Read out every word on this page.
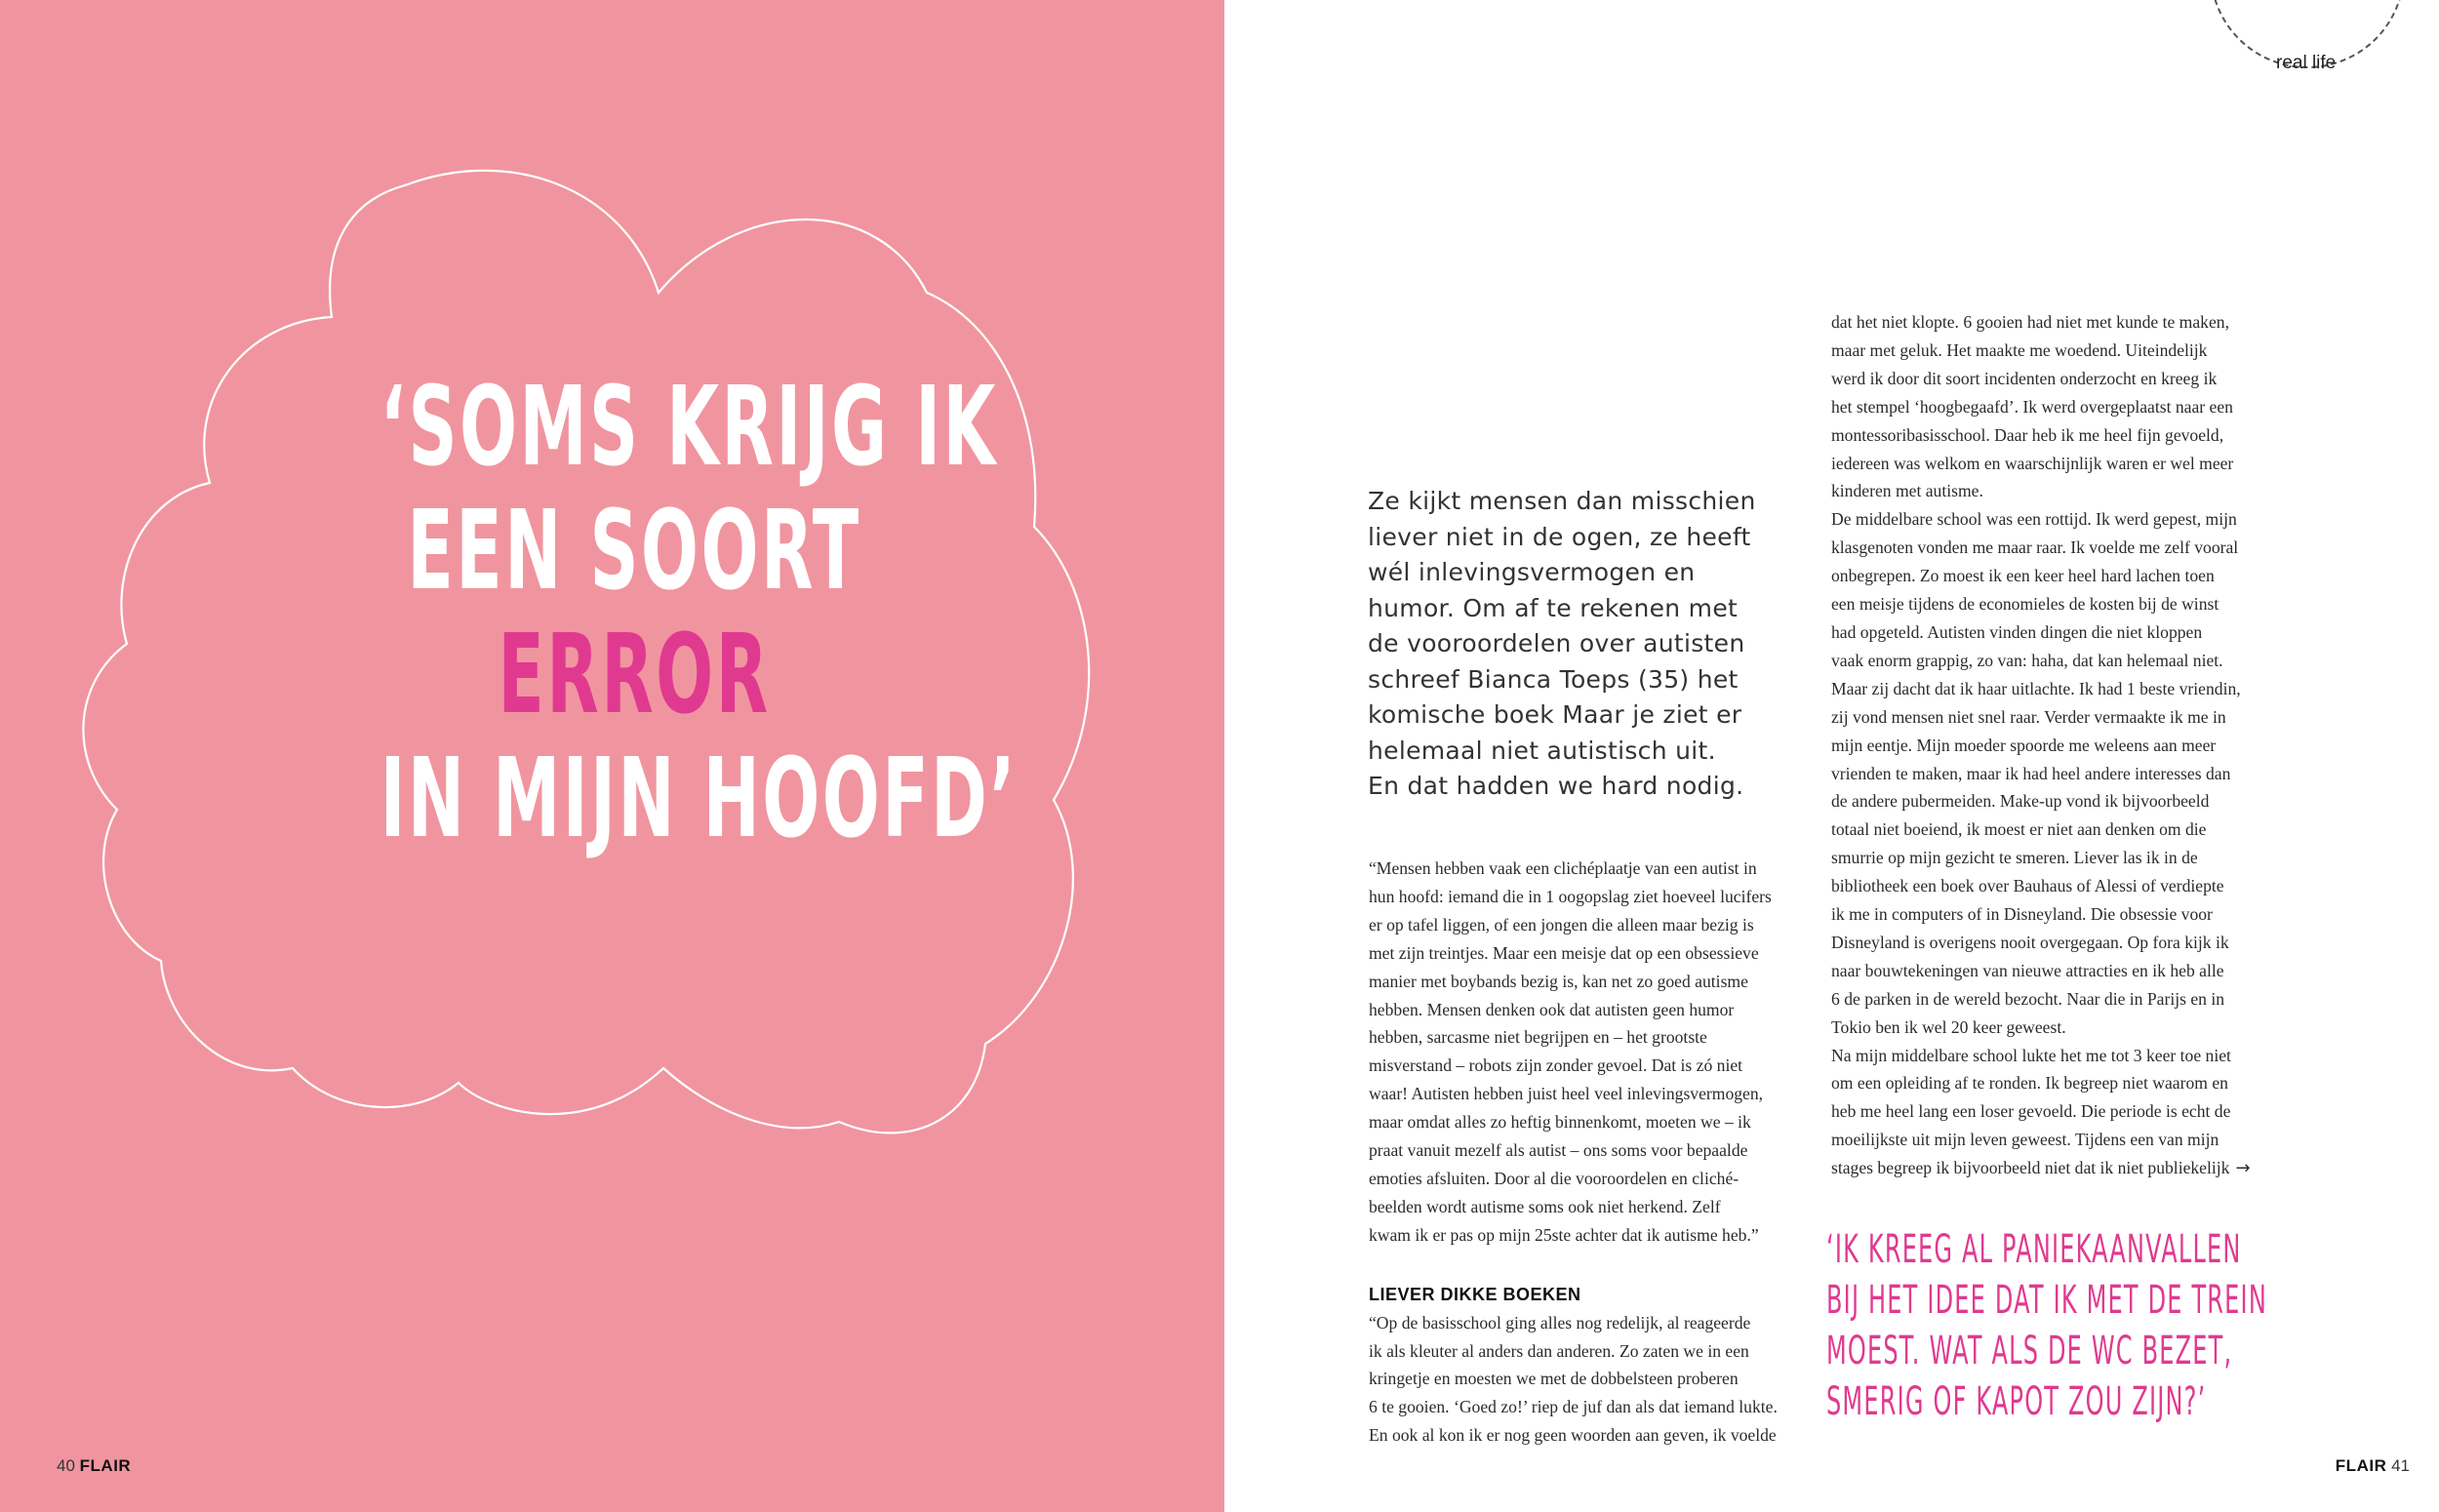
‘SOMS KRIJG IK
EEN SOORT
ERROR
IN MIJN HOOFD’
40 FLAIR
real life

Ze kijkt mensen dan misschien

liever niet in de ogen, ze heeft

wél inlevingsvermogen en

humor. Om af te rekenen met

de vooroordelen over autisten

schreef Bianca Toeps (35) het

komische boek Maar je ziet er

helemaal niet autistisch uit.

En dat hadden we hard nodig.

“Mensen hebben vaak een clichéplaatje van een autist in

hun hoofd: iemand die in 1 oogopslag ziet hoeveel lucifers

er op tafel liggen, of een jongen die alleen maar bezig is

met zijn treintjes. Maar een meisje dat op een obsessieve

manier met boybands bezig is, kan net zo goed autisme

hebben. Mensen denken ook dat autisten geen humor

hebben, sarcasme niet begrijpen en – het grootste

misverstand – robots zijn zonder gevoel. Dat is zó niet

waar! Autisten hebben juist heel veel inlevingsvermogen,

maar omdat alles zo heftig binnenkomt, moeten we – ik

praat vanuit mezelf als autist – ons soms voor bepaalde

emoties afsluiten. Door al die vooroordelen en cliché-

beelden wordt autisme soms ook niet herkend. Zelf

kwam ik er pas op mijn 25ste achter dat ik autisme heb.”

LIEVER DIKKE BOEKEN

“Op de basisschool ging alles nog redelijk, al reageerde

ik als kleuter al anders dan anderen. Zo zaten we in een

kringetje en moesten we met de dobbelsteen proberen

6 te gooien. ‘Goed zo!’ riep de juf dan als dat iemand lukte.

En ook al kon ik er nog geen woorden aan geven, ik voelde

dat het niet klopte. 6 gooien had niet met kunde te maken,

maar met geluk. Het maakte me woedend. Uiteindelijk

werd ik door dit soort incidenten onderzocht en kreeg ik

het stempel ‘hoogbegaafd’. Ik werd overgeplaatst naar een

montessoribasisschool. Daar heb ik me heel fijn gevoeld,

iedereen was welkom en waarschijnlijk waren er wel meer

kinderen met autisme.

De middelbare school was een rottijd. Ik werd gepest, mijn

klasgenoten vonden me maar raar. Ik voelde me zelf vooral

onbegrepen. Zo moest ik een keer heel hard lachen toen

een meisje tijdens de economieles de kosten bij de winst

had opgeteld. Autisten vinden dingen die niet kloppen

vaak enorm grappig, zo van: haha, dat kan helemaal niet.

Maar zij dacht dat ik haar uitlachte. Ik had 1 beste vriendin,

zij vond mensen niet snel raar. Verder vermaakte ik me in

mijn eentje. Mijn moeder spoorde me weleens aan meer

vrienden te maken, maar ik had heel andere interesses dan

de andere pubermeiden. Make-up vond ik bijvoorbeeld

totaal niet boeiend, ik moest er niet aan denken om die

smurrie op mijn gezicht te smeren. Liever las ik in de

bibliotheek een boek over Bauhaus of Alessi of verdiepte

ik me in computers of in Disneyland. Die obsessie voor

Disneyland is overigens nooit overgegaan. Op fora kijk ik

naar bouwtekeningen van nieuwe attracties en ik heb alle

6 de parken in de wereld bezocht. Naar die in Parijs en in

Tokio ben ik wel 20 keer geweest.

Na mijn middelbare school lukte het me tot 3 keer toe niet

om een opleiding af te ronden. Ik begreep niet waarom en

heb me heel lang een loser gevoeld. Die periode is echt de

moeilijkste uit mijn leven geweest. Tijdens een van mijn

stages begreep ik bijvoorbeeld niet dat ik niet publiekelijk →

‘IK KREEG AL PANIEKAANVALLEN

BIJ HET IDEE DAT IK MET DE TREIN

MOEST. WAT ALS DE WC BEZET,

SMERIG OF KAPOT ZOU ZIJN?’

FLAIR 41
